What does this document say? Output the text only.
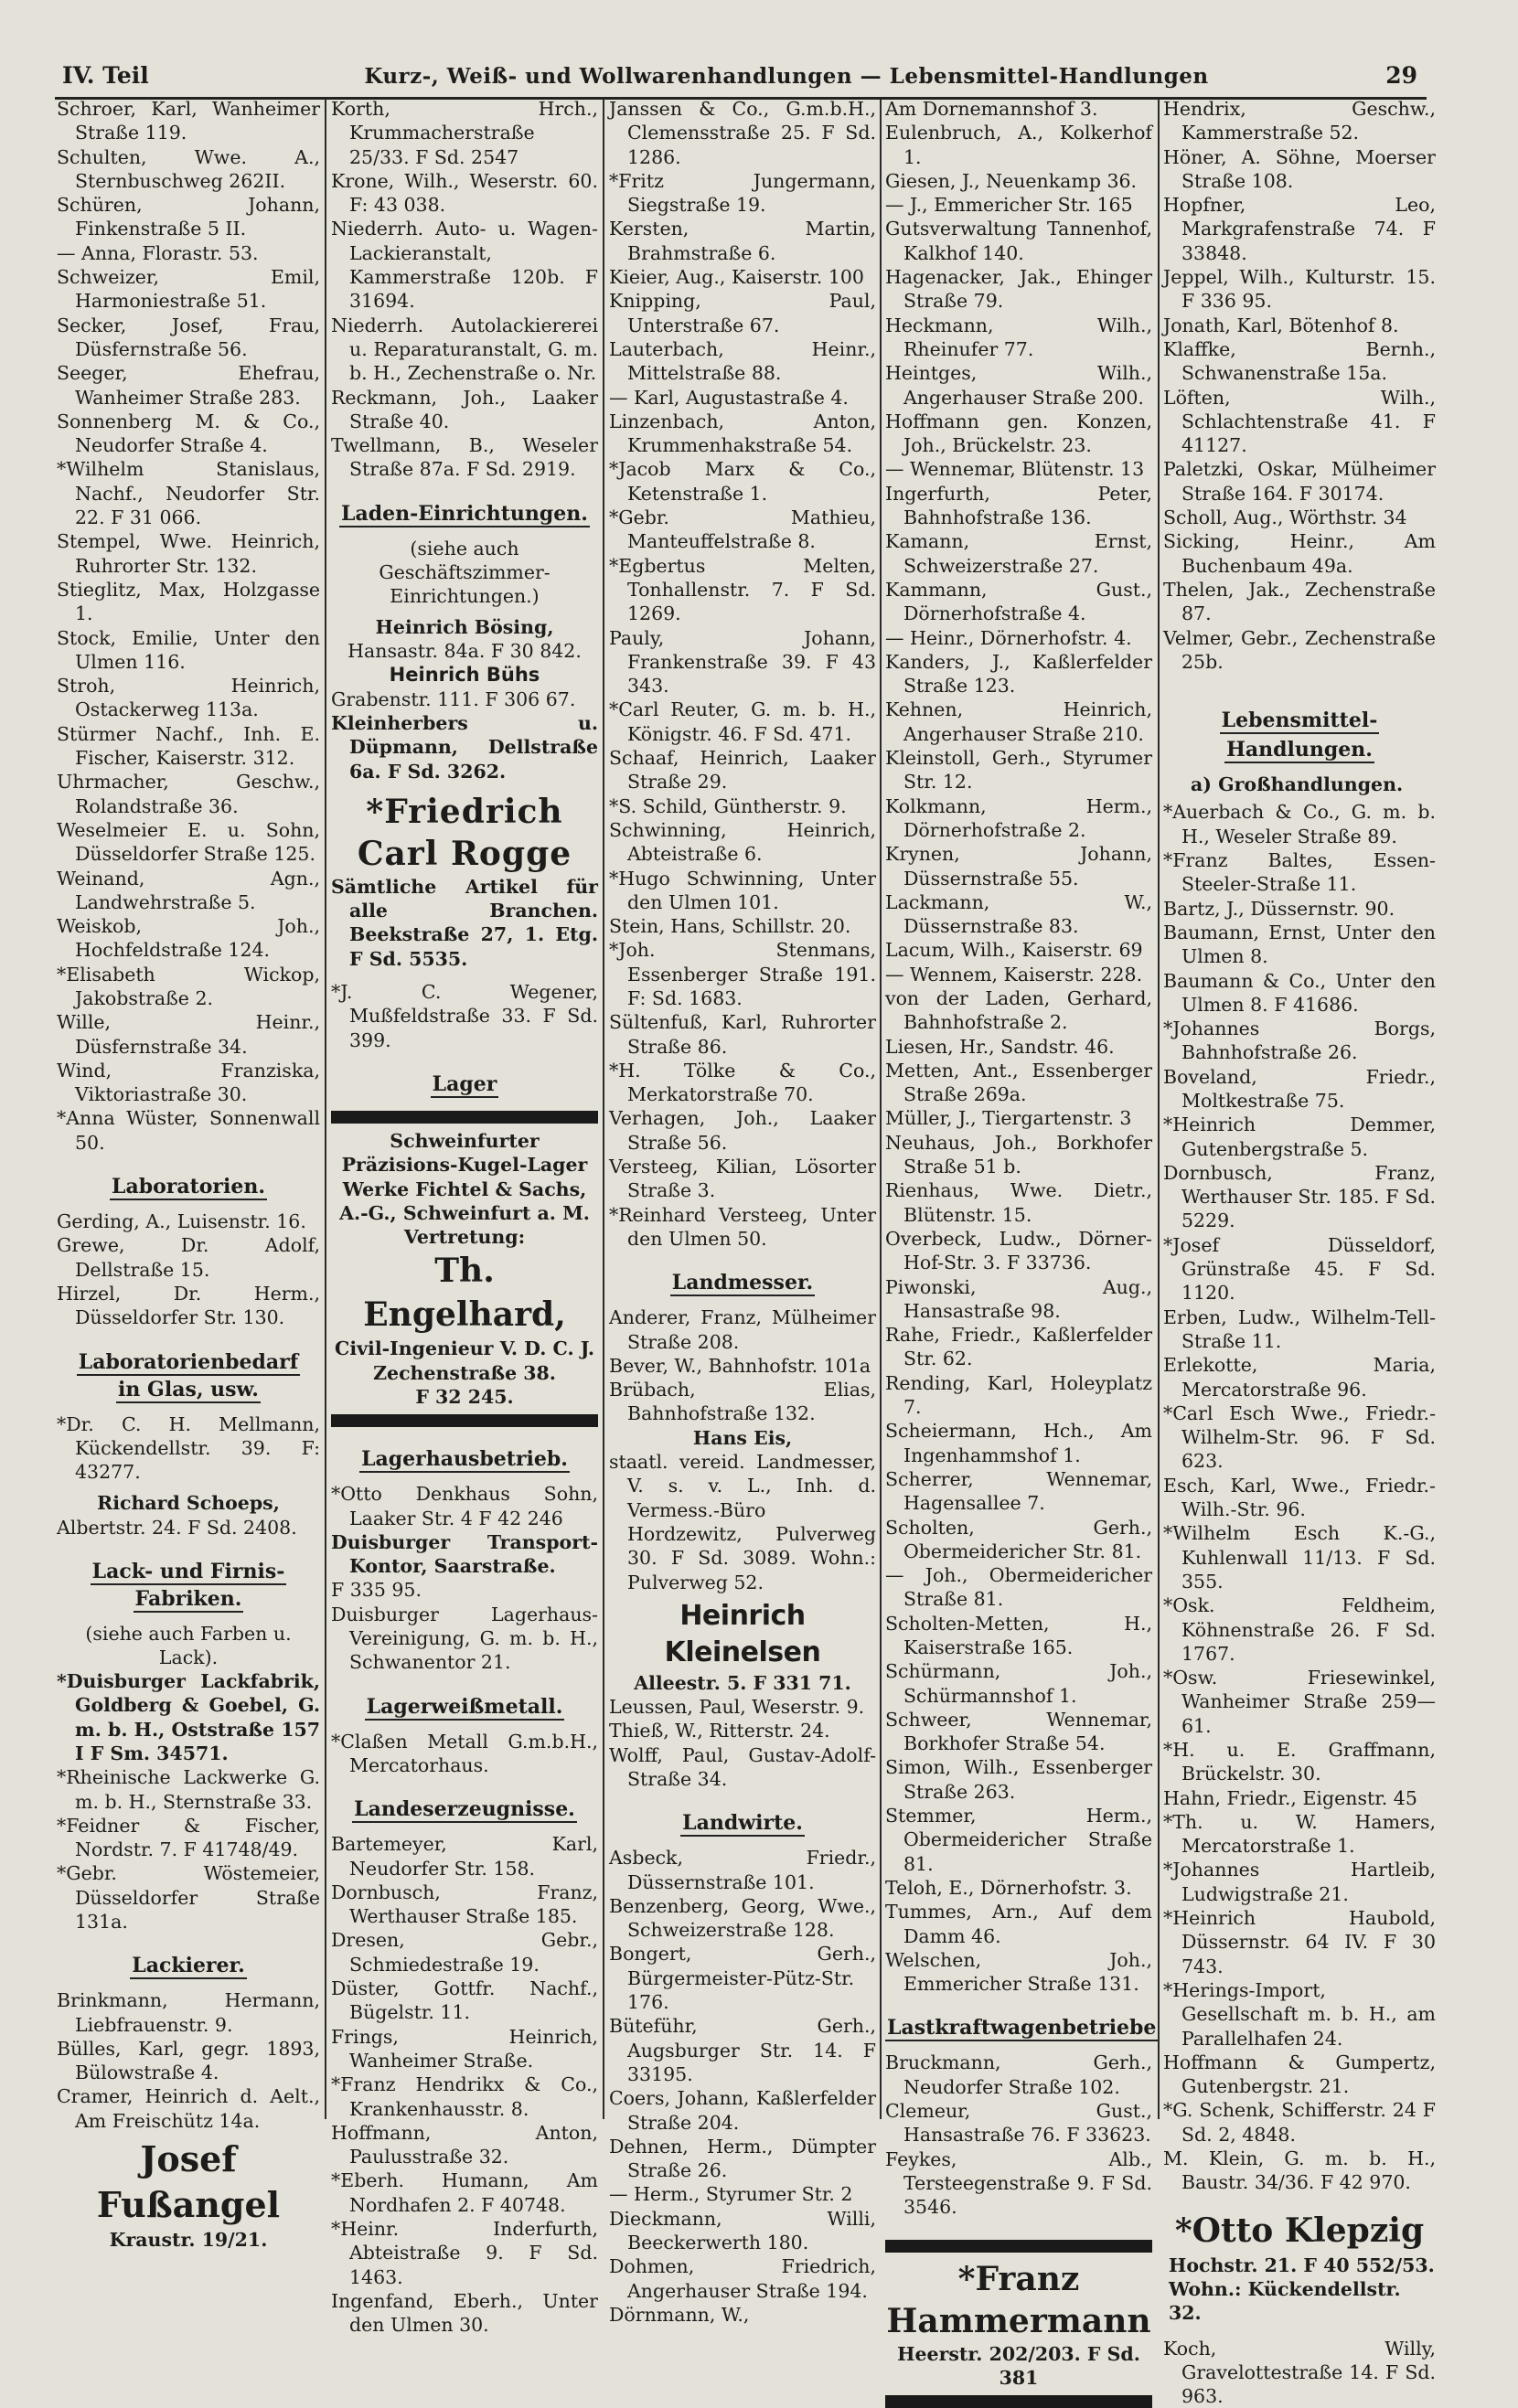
IV. Teil	Kurz-, Weiß- und Wollwarenhandlungen — Lebensmittel-Handlungen	29
Schroer, Karl, Wanheimer Straße 119.
Schulten, Wwe. A., Sternbuschweg 262II.
Schüren, Johann, Finkenstraße 5 II.
— Anna, Florastr. 53.
Schweizer, Emil, Harmoniestraße 51.
Secker, Josef, Frau, Düsfernstraße 56.
Seeger, Ehefrau, Wanheimer Straße 283.
Sonnenberg M. & Co., Neudorfer Straße 4.
*Wilhelm Stanislaus, Nachf., Neudorfer Str. 22. F 31 066.
Stempel, Wwe. Heinrich, Ruhrorter Str. 132.
Stieglitz, Max, Holzgasse 1.
Stock, Emilie, Unter den Ulmen 116.
Stroh, Heinrich, Ostackerweg 113a.
Stürmer Nachf., Inh. E. Fischer, Kaiserstr. 312.
Uhrmacher, Geschw., Rolandstraße 36.
Weselmeier E. u. Sohn, Düsseldorfer Straße 125.
Weinand, Agn., Landwehrstraße 5.
Weiskob, Joh., Hochfeldstraße 124.
*Elisabeth Wickop, Jakobstraße 2.
Wille, Heinr., Düsfernstraße 34.
Wind, Franziska, Viktoriastraße 30.
*Anna Wüster, Sonnenwall 50.
Laboratorien.
Gerding, A., Luisenstr. 16.
Grewe, Dr. Adolf, Dellstraße 15.
Hirzel, Dr. Herm., Düsseldorfer Str. 130.
Laboratorienbedarf
in Glas, usw.
*Dr. C. H. Mellmann, Kückendellstr. 39. F: 43277.
Richard Schoeps,
Albertstr. 24. F Sd. 2408.
Lack- und Firnis-
Fabriken.
(siehe auch Farben u. Lack).
*Duisburger Lackfabrik, Goldberg & Goebel, G. m. b. H., Oststraße 157 I F Sm. 34571.
*Rheinische Lackwerke G. m. b. H., Sternstraße 33.
*Feidner & Fischer, Nordstr. 7. F 41748/49.
*Gebr. Wöstemeier, Düsseldorfer Straße 131a.
Lackierer.
Brinkmann, Hermann, Liebfrauenstr. 9.
Bülles, Karl, gegr. 1893, Bülowstraße 4.
Cramer, Heinrich d. Aelt., Am Freischütz 14a.
Josef Fußangel
Kraustr. 19/21.
Korth, Hrch., Krummacherstraße 25/33. F Sd. 2547
Krone, Wilh., Weserstr. 60. F: 43 038.
Niederrh. Auto- u. Wagen-Lackieranstalt, Kammerstraße 120b. F 31694.
Niederrh. Autolackiererei u. Reparaturanstalt, G. m. b. H., Zechenstraße o. Nr.
Reckmann, Joh., Laaker Straße 40.
Twellmann, B., Weseler Straße 87a. F Sd. 2919.
Laden-Einrichtungen.
(siehe auch Geschäftszimmer-Einrichtungen.)
Heinrich Bösing,
Hansastr. 84a. F 30 842.
Heinrich Bühs
Grabenstr. 111. F 306 67.
Kleinherbers u. Düpmann, Dellstraße 6a. F Sd. 3262.
*Friedrich Carl Rogge
Sämtliche Artikel für alle Branchen. Beekstraße 27, 1. Etg. F Sd. 5535.
*J. C. Wegener, Mußfeldstraße 33. F Sd. 399.
Lager
Schweinfurter
Präzisions-Kugel-Lager
Werke Fichtel & Sachs,
A.-G., Schweinfurt a. M.
Vertretung:
Th. Engelhard,
Civil-Ingenieur V. D. C. J.
Zechenstraße 38.
F 32 245.
Lagerhausbetrieb.
*Otto Denkhaus Sohn, Laaker Str. 4 F 42 246
Duisburger Transport-Kontor, Saarstraße.
F 335 95.
Duisburger Lagerhaus-Vereinigung, G. m. b. H., Schwanentor 21.
Lagerweißmetall.
*Claßen Metall G.m.b.H., Mercatorhaus.
Landeserzeugnisse.
Bartemeyer, Karl, Neudorfer Str. 158.
Dornbusch, Franz, Werthauser Straße 185.
Dresen, Gebr., Schmiedestraße 19.
Düster, Gottfr. Nachf., Bügelstr. 11.
Frings, Heinrich, Wanheimer Straße.
*Franz Hendrikx & Co., Krankenhausstr. 8.
Hoffmann, Anton, Paulusstraße 32.
*Eberh. Humann, Am Nordhafen 2. F 40748.
*Heinr. Inderfurth, Abteistraße 9. F Sd. 1463.
Ingenfand, Eberh., Unter den Ulmen 30.
Janssen & Co., G.m.b.H., Clemensstraße 25. F Sd. 1286.
*Fritz Jungermann, Siegstraße 19.
Kersten, Martin, Brahmstraße 6.
Kieier, Aug., Kaiserstr. 100
Knipping, Paul, Unterstraße 67.
Lauterbach, Heinr., Mittelstraße 88.
— Karl, Augustastraße 4.
Linzenbach, Anton, Krummenhakstraße 54.
*Jacob Marx & Co., Ketenstraße 1.
*Gebr. Mathieu, Manteuffelstraße 8.
*Egbertus Melten, Tonhallenstr. 7. F Sd. 1269.
Pauly, Johann, Frankenstraße 39. F 43 343.
*Carl Reuter, G. m. b. H., Königstr. 46. F Sd. 471.
Schaaf, Heinrich, Laaker Straße 29.
*S. Schild, Güntherstr. 9.
Schwinning, Heinrich, Abteistraße 6.
*Hugo Schwinning, Unter den Ulmen 101.
Stein, Hans, Schillstr. 20.
*Joh. Stenmans, Essenberger Straße 191. F: Sd. 1683.
Sültenfuß, Karl, Ruhrorter Straße 86.
*H. Tölke & Co., Merkatorstraße 70.
Verhagen, Joh., Laaker Straße 56.
Versteeg, Kilian, Lösorter Straße 3.
*Reinhard Versteeg, Unter den Ulmen 50.
Landmesser.
Anderer, Franz, Mülheimer Straße 208.
Bever, W., Bahnhofstr. 101a
Brübach, Elias, Bahnhofstraße 132.
Hans Eis,
staatl. vereid. Landmesser, V. s. v. L., Inh. d. Vermess.-Büro Hordzewitz, Pulverweg 30. F Sd. 3089. Wohn.: Pulverweg 52.
Heinrich Kleinelsen
Alleestr. 5. F 331 71.
Leussen, Paul, Weserstr. 9.
Thieß, W., Ritterstr. 24.
Wolff, Paul, Gustav-Adolf-Straße 34.
Landwirte.
Asbeck, Friedr., Düssernstraße 101.
Benzenberg, Georg, Wwe., Schweizerstraße 128.
Bongert, Gerh., Bürgermeister-Pütz-Str. 176.
Büteführ, Gerh., Augsburger Str. 14. F 33195.
Coers, Johann, Kaßlerfelder Straße 204.
Dehnen, Herm., Dümpter Straße 26.
— Herm., Styrumer Str. 2
Dieckmann, Willi, Beeckerwerth 180.
Dohmen, Friedrich, Angerhauser Straße 194.
Dörnmann, W.,
Am Dornemannshof 3.
Eulenbruch, A., Kolkerhof 1.
Giesen, J., Neuenkamp 36.
— J., Emmericher Str. 165
Gutsverwaltung Tannenhof, Kalkhof 140.
Hagenacker, Jak., Ehinger Straße 79.
Heckmann, Wilh., Rheinufer 77.
Heintges, Wilh., Angerhauser Straße 200.
Hoffmann gen. Konzen, Joh., Brückelstr. 23.
— Wennemar, Blütenstr. 13
Ingerfurth, Peter, Bahnhofstraße 136.
Kamann, Ernst, Schweizerstraße 27.
Kammann, Gust., Dörnerhofstraße 4.
— Heinr., Dörnerhofstr. 4.
Kanders, J., Kaßlerfelder Straße 123.
Kehnen, Heinrich, Angerhauser Straße 210.
Kleinstoll, Gerh., Styrumer Str. 12.
Kolkmann, Herm., Dörnerhofstraße 2.
Krynen, Johann, Düssernstraße 55.
Lackmann, W., Düssernstraße 83.
Lacum, Wilh., Kaiserstr. 69
— Wennem, Kaiserstr. 228.
von der Laden, Gerhard, Bahnhofstraße 2.
Liesen, Hr., Sandstr. 46.
Metten, Ant., Essenberger Straße 269a.
Müller, J., Tiergartenstr. 3
Neuhaus, Joh., Borkhofer Straße 51 b.
Rienhaus, Wwe. Dietr., Blütenstr. 15.
Overbeck, Ludw., Dörner-Hof-Str. 3. F 33736.
Piwonski, Aug., Hansastraße 98.
Rahe, Friedr., Kaßlerfelder Str. 62.
Rending, Karl, Holeyplatz 7.
Scheiermann, Hch., Am Ingenhammshof 1.
Scherrer, Wennemar, Hagensallee 7.
Scholten, Gerh., Obermeidericher Str. 81.
— Joh., Obermeidericher Straße 81.
Scholten-Metten, H., Kaiserstraße 165.
Schürmann, Joh., Schürmannshof 1.
Schweer, Wennemar, Borkhofer Straße 54.
Simon, Wilh., Essenberger Straße 263.
Stemmer, Herm., Obermeidericher Straße 81.
Teloh, E., Dörnerhofstr. 3.
Tummes, Arn., Auf dem Damm 46.
Welschen, Joh., Emmericher Straße 131.
Lastkraftwagenbetriebe
Bruckmann, Gerh., Neudorfer Straße 102.
Clemeur, Gust., Hansastraße 76. F 33623.
Feykes, Alb., Tersteegenstraße 9. F Sd. 3546.
*Franz Hammermann
Heerstr. 202/203. F Sd. 381
Hendrix, Geschw., Kammerstraße 52.
Höner, A. Söhne, Moerser Straße 108.
Hopfner, Leo, Markgrafenstraße 74. F 33848.
Jeppel, Wilh., Kulturstr. 15. F 336 95.
Jonath, Karl, Bötenhof 8.
Klaffke, Bernh., Schwanenstraße 15a.
Löften, Wilh., Schlachtenstraße 41. F 41127.
Paletzki, Oskar, Mülheimer Straße 164. F 30174.
Scholl, Aug., Wörthstr. 34
Sicking, Heinr., Am Buchenbaum 49a.
Thelen, Jak., Zechenstraße 87.
Velmer, Gebr., Zechenstraße 25b.
Lebensmittel-
Handlungen.
a) Großhandlungen.
*Auerbach & Co., G. m. b. H., Weseler Straße 89.
*Franz Baltes, Essen-Steeler-Straße 11.
Bartz, J., Düssernstr. 90.
Baumann, Ernst, Unter den Ulmen 8.
Baumann & Co., Unter den Ulmen 8. F 41686.
*Johannes Borgs, Bahnhofstraße 26.
Boveland, Friedr., Moltkestraße 75.
*Heinrich Demmer, Gutenbergstraße 5.
Dornbusch, Franz, Werthauser Str. 185. F Sd. 5229.
*Josef Düsseldorf, Grünstraße 45. F Sd. 1120.
Erben, Ludw., Wilhelm-Tell-Straße 11.
Erlekotte, Maria, Mercatorstraße 96.
*Carl Esch Wwe., Friedr.-Wilhelm-Str. 96. F Sd. 623.
Esch, Karl, Wwe., Friedr.-Wilh.-Str. 96.
*Wilhelm Esch K.-G., Kuhlenwall 11/13. F Sd. 355.
*Osk. Feldheim, Köhnenstraße 26. F Sd. 1767.
*Osw. Friesewinkel, Wanheimer Straße 259—61.
*H. u. E. Graffmann, Brückelstr. 30.
Hahn, Friedr., Eigenstr. 45
*Th. u. W. Hamers, Mercatorstraße 1.
*Johannes Hartleib, Ludwigstraße 21.
*Heinrich Haubold, Düssernstr. 64 IV. F 30 743.
*Herings-Import, Gesellschaft m. b. H., am Parallelhafen 24.
Hoffmann & Gumpertz, Gutenbergstr. 21.
*G. Schenk, Schifferstr. 24 F Sd. 2, 4848.
M. Klein, G. m. b. H., Baustr. 34/36. F 42 970.
*Otto Klepzig
Hochstr. 21. F 40 552/53.
Wohn.: Kückendellstr. 32.
Koch, Willy, Gravelottestraße 14. F Sd. 963.
